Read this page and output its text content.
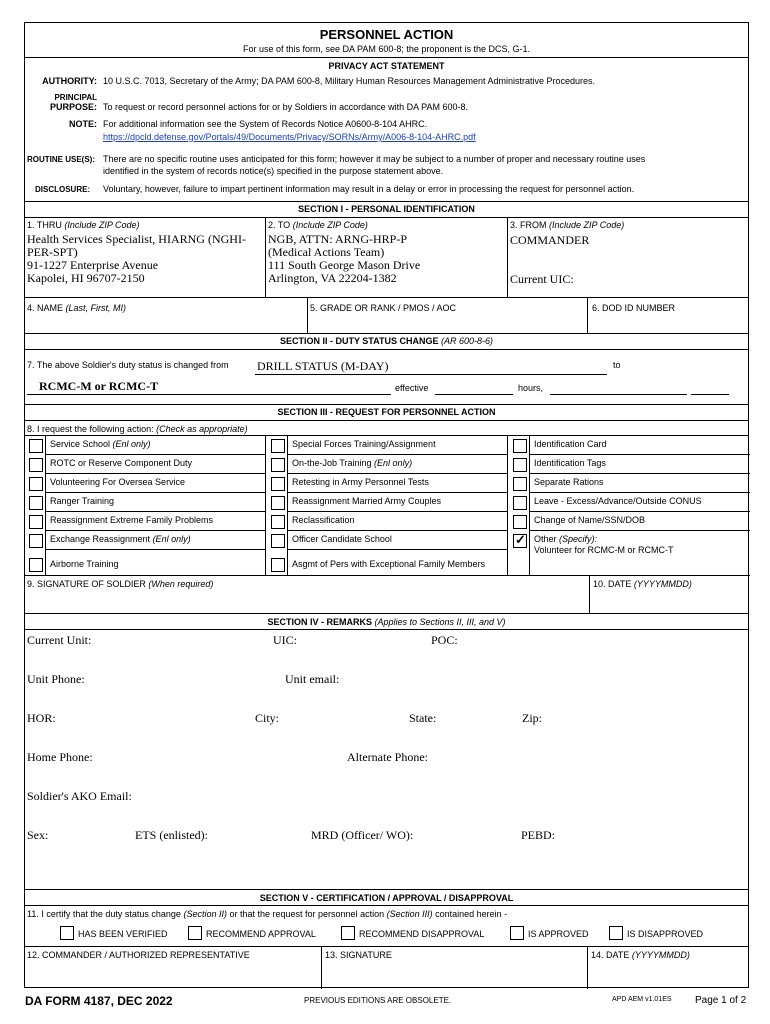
PERSONNEL ACTION
For use of this form, see DA PAM 600-8; the proponent is the DCS, G-1.
PRIVACY ACT STATEMENT
AUTHORITY: 10 U.S.C. 7013, Secretary of the Army; DA PAM 600-8, Military Human Resources Management Administrative Procedures.
PRINCIPAL
PURPOSE: To request or record personnel actions for or by Soldiers in accordance with DA PAM 600-8.
NOTE: For additional information see the System of Records Notice A0600-8-104 AHRC.
https://dpcld.defense.gov/Portals/49/Documents/Privacy/SORNs/Army/A006-8-104-AHRC.pdf
ROUTINE USE(S): There are no specific routine uses anticipated for this form; however it may be subject to a number of proper and necessary routine uses
identified in the system of records notice(s) specified in the purpose statement above.
DISCLOSURE: Voluntary, however, failure to impart pertinent information may result in a delay or error in processing the request for personnel action.
SECTION I - PERSONAL IDENTIFICATION
1. THRU (Include ZIP Code)
Health Services Specialist, HIARNG (NGHI-
PER-SPT)
91-1227 Enterprise Avenue
Kapolei, HI 96707-2150
2. TO (Include ZIP Code)
NGB, ATTN: ARNG-HRP-P
(Medical Actions Team)
111 South George Mason Drive
Arlington, VA 22204-1382
3. FROM (Include ZIP Code)
COMMANDER
Current UIC:
4. NAME (Last, First, MI)	5. GRADE OR RANK / PMOS / AOC	6. DOD ID NUMBER
SECTION II - DUTY STATUS CHANGE (AR 600-8-6)
7. The above Soldier's duty status is changed from DRILL STATUS (M-DAY)	to
RCMC-M or RCMC-T	effective	hours,
SECTION III - REQUEST FOR PERSONNEL ACTION
8. I request the following action: (Check as appropriate)
9. SIGNATURE OF SOLDIER (When required)	10. DATE (YYYYMMDD)
SECTION IV - REMARKS (Applies to Sections II, III, and V)
Current Unit:	UIC:	POC:
Unit Phone:	Unit email:
HOR:	City:	State:	Zip:
Home Phone:	Alternate Phone:
Soldier's AKO Email:
Sex:	ETS (enlisted):	MRD (Officer/ WO):	PEBD:
SECTION V - CERTIFICATION / APPROVAL / DISAPPROVAL
11. I certify that the duty status change (Section II) or that the request for personnel action (Section III) contained herein -
HAS BEEN VERIFIED	RECOMMEND APPROVAL	RECOMMEND DISAPPROVAL	IS APPROVED	IS DISAPPROVED
12. COMMANDER / AUTHORIZED REPRESENTATIVE	13. SIGNATURE	14. DATE (YYYYMMDD)
Service School (Enl only)
ROTC or Reserve Component Duty
Volunteering For Oversea Service
Ranger Training
Reassignment Extreme Family Problems
Exchange Reassignment (Enl only)
Airborne Training
Special Forces Training/Assignment
On-the-Job Training (Enl only)
Retesting in Army Personnel Tests
Reassignment Married Army Couples
Reclassification
Officer Candidate School
Asgmt of Pers with Exceptional Family Members
Identification Card
Identification Tags
Separate Rations
Leave - Excess/Advance/Outside CONUS
Change of Name/SSN/DOB
✓
Other (Specify):
Volunteer for RCMC-M or RCMC-T
DA FORM 4187, DEC 2022	PREVIOUS EDITIONS ARE OBSOLETE.	APD AEM v1.01ES Page 1 of 2
